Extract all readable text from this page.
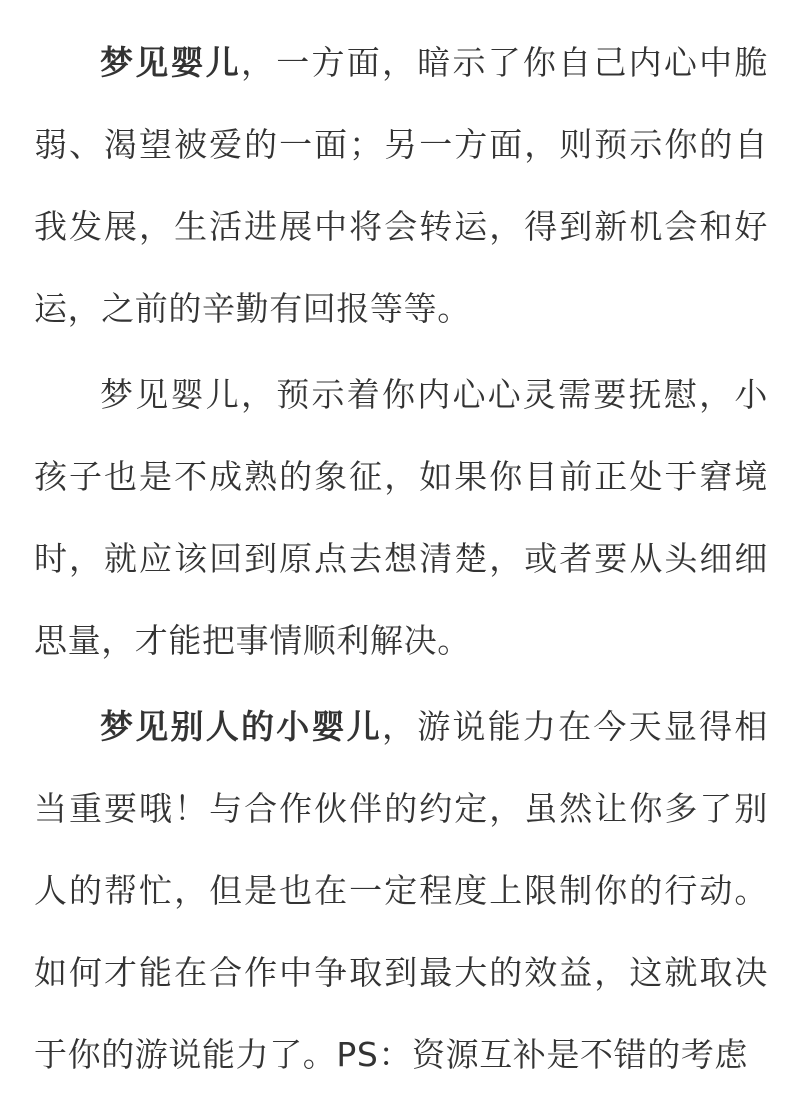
梦见婴儿，一方面，暗示了你自己内心中脆弱、渴望被爱的一面；另一方面，则预示你的自我发展，生活进展中将会转运，得到新机会和好运，之前的辛勤有回报等等。

梦见婴儿，预示着你内心心灵需要抚慰，小孩子也是不成熟的象征，如果你目前正处于窘境时，就应该回到原点去想清楚，或者要从头细细思量，才能把事情顺利解决。

梦见别人的小婴儿，游说能力在今天显得相当重要哦！与合作伙伴的约定，虽然让你多了别人的帮忙，但是也在一定程度上限制你的行动。如何才能在合作中争取到最大的效益，这就取决于你的游说能力了。PS：资源互补是不错的考虑
